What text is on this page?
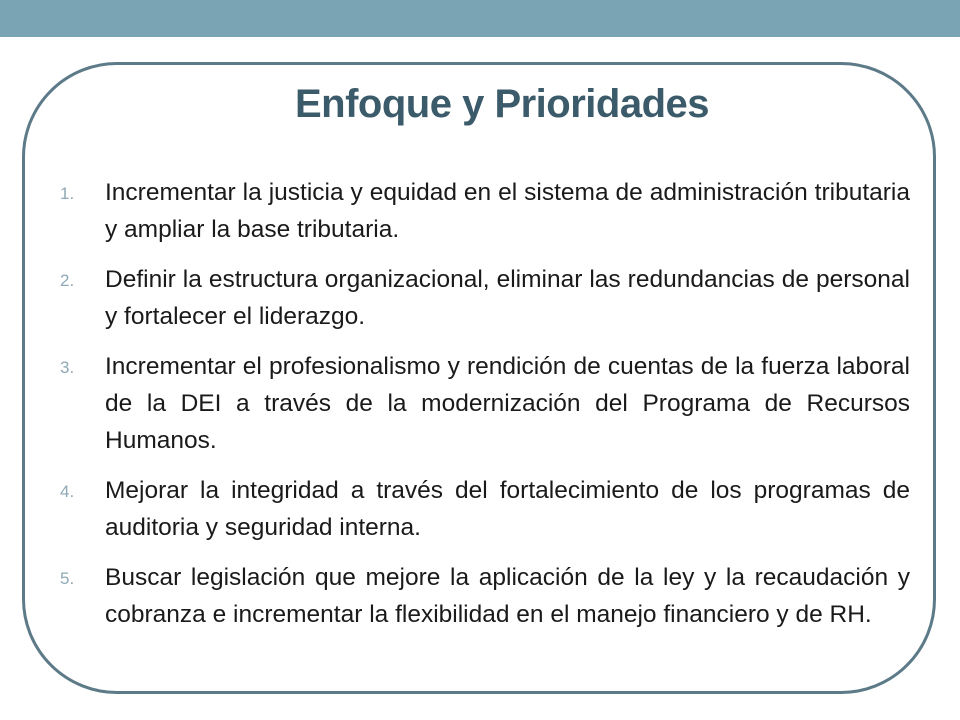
Enfoque y Prioridades
1.	Incrementar la justicia y equidad en el sistema de administración tributaria y ampliar la base tributaria.
2.	Definir la estructura organizacional, eliminar las redundancias de personal y fortalecer el liderazgo.
3.	Incrementar el profesionalismo y rendición de cuentas de la fuerza laboral de la DEI a través de la modernización del Programa de Recursos Humanos.
4.	Mejorar la integridad a través del fortalecimiento de los programas de auditoria y seguridad interna.
5.	Buscar legislación que mejore la aplicación de la ley y la recaudación y cobranza e incrementar la flexibilidad en el manejo financiero y de RH.
